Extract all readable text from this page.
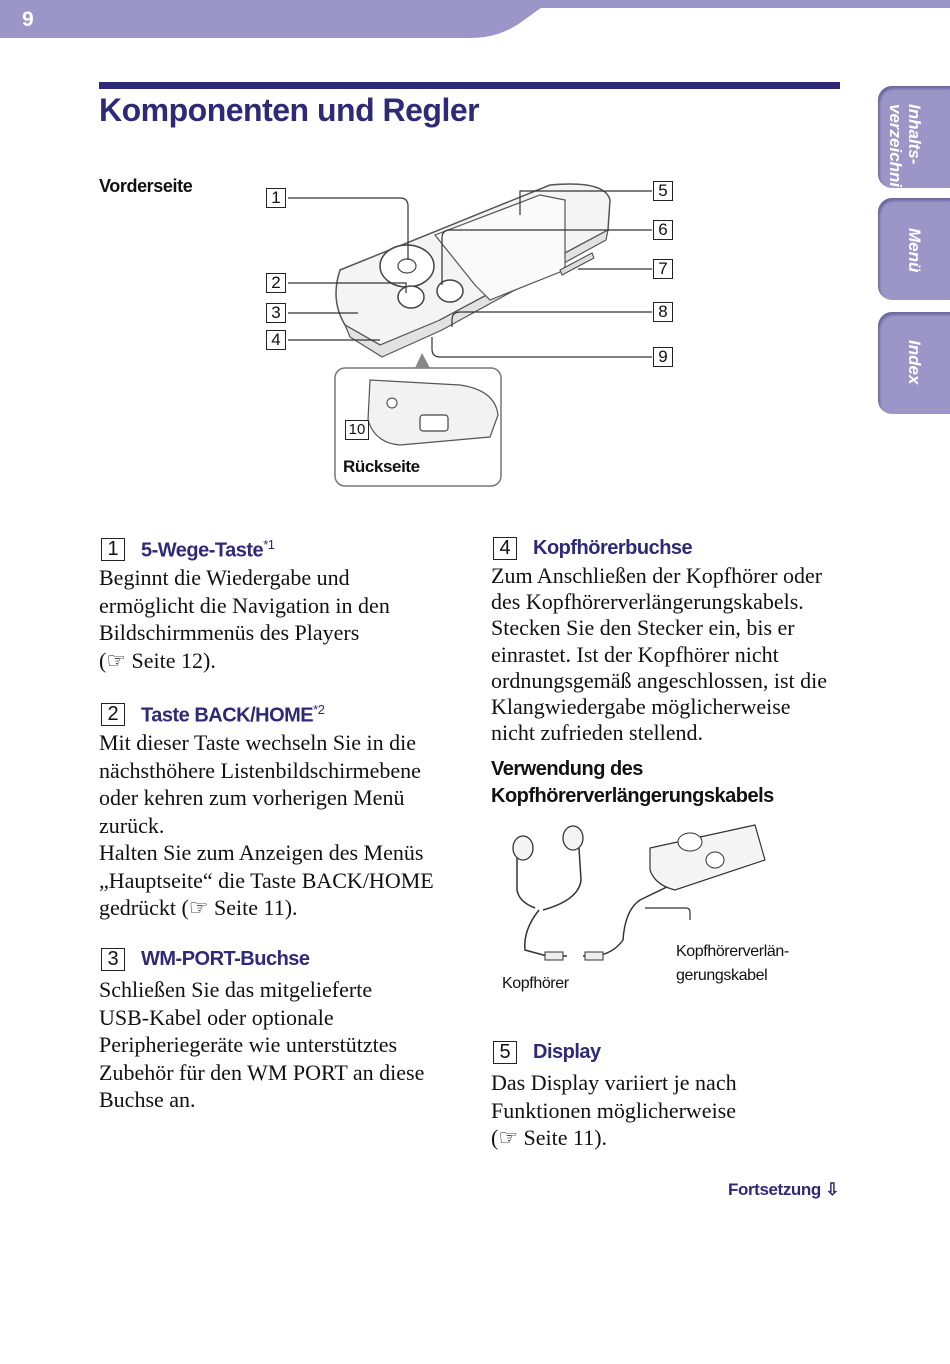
9
Inhalts-
verzeichnis
Menü
Index
Komponenten und Regler
Vorderseite
1
2
3
4
5
6
7
8
9
10
Rückseite
1	5-Wege-Taste$^{*1}$
Beginnt die Wiedergabe und
ermöglicht die Navigation in den
Bildschirmmenüs des Players
(☞ Seite 12).
2	Taste BACK/HOME$^{*2}$
Mit dieser Taste wechseln Sie in die
nächsthöhere Listenbildschirmebene
oder kehren zum vorherigen Menü
zurück.
Halten Sie zum Anzeigen des Menüs
„Hauptseite“ die Taste BACK/HOME
gedrückt (☞ Seite 11).
3	WM-PORT-Buchse
Schließen Sie das mitgelieferte
USB-Kabel oder optionale
Peripheriegeräte wie unterstütztes
Zubehör für den WM PORT an diese
Buchse an.
4	Kopfhörerbuchse
Zum Anschließen der Kopfhörer oder
des Kopfhörerverlängerungskabels.
Stecken Sie den Stecker ein, bis er
einrastet. Ist der Kopfhörer nicht
ordnungsgemäß angeschlossen, ist die
Klangwiedergabe möglicherweise
nicht zufrieden stellend.
Verwendung des
Kopfhörerverlängerungskabels
Kopfhörer
Kopfhörerverlän-
gerungskabel
5	Display
Das Display variiert je nach
Funktionen möglicherweise
(☞ Seite 11).
Fortsetzung ⇩
